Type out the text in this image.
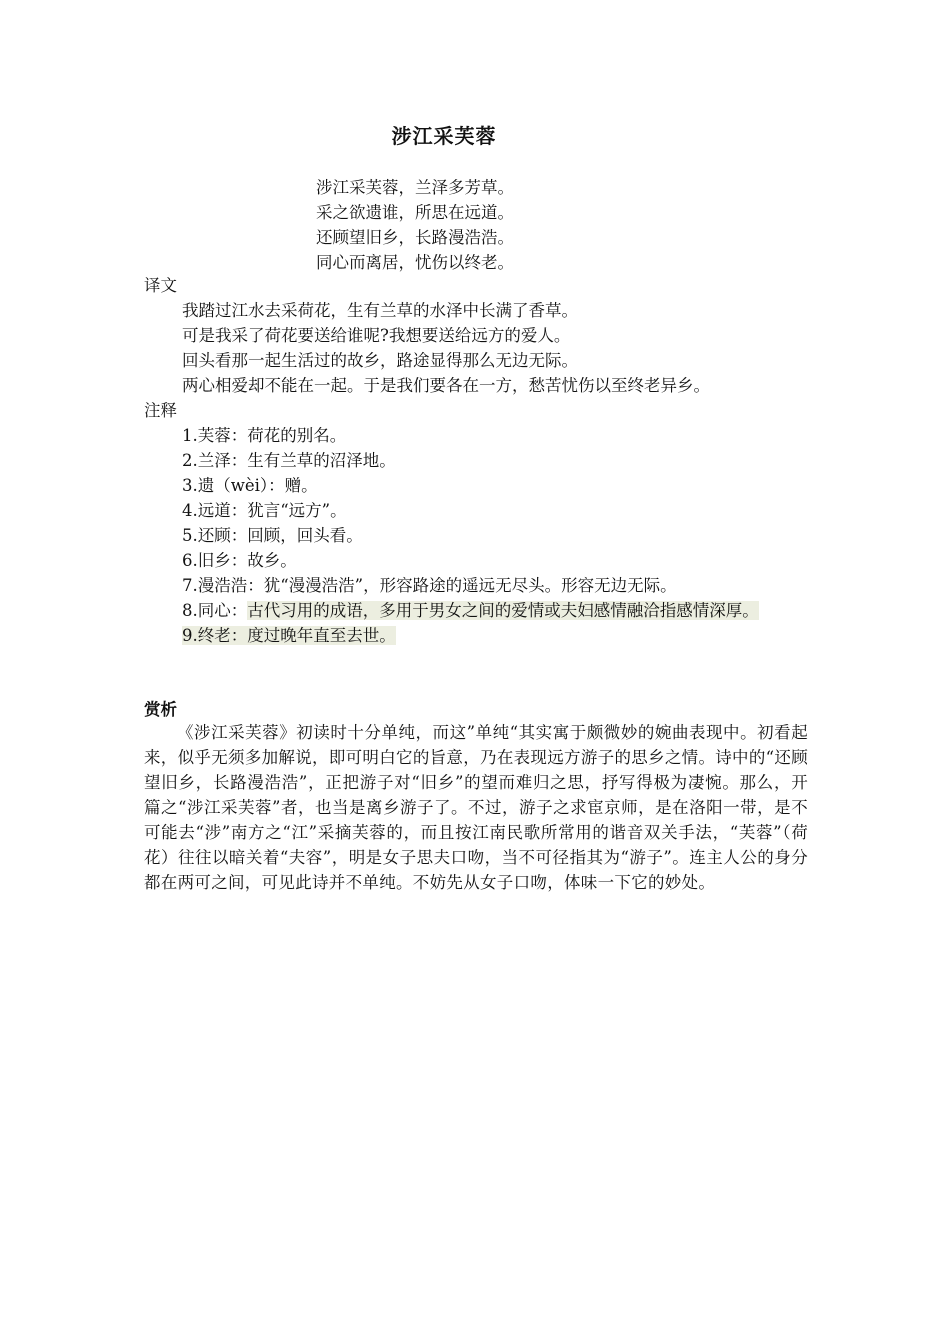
涉江采芙蓉
涉江采芙蓉，兰泽多芳草。
采之欲遗谁，所思在远道。
还顾望旧乡，长路漫浩浩。
同心而离居，忧伤以终老。
译文
我踏过江水去采荷花，生有兰草的水泽中长满了香草。
可是我采了荷花要送给谁呢?我想要送给远方的爱人。
回头看那一起生活过的故乡，路途显得那么无边无际。
两心相爱却不能在一起。于是我们要各在一方，愁苦忧伤以至终老异乡。
注释
1.芙蓉：荷花的别名。
2.兰泽：生有兰草的沼泽地。
3.遗（wèi）：赠。
4.远道：犹言“远方”。
5.还顾：回顾，回头看。
6.旧乡：故乡。
7.漫浩浩：犹“漫漫浩浩”，形容路途的遥远无尽头。形容无边无际。
8.同心：古代习用的成语，多用于男女之间的爱情或夫妇感情融洽指感情深厚。
9.终老：度过晚年直至去世。
赏析
《涉江采芙蓉》初读时十分单纯，而这”单纯“其实寓于颇微妙的婉曲表现中。初看起来，似乎无须多加解说，即可明白它的旨意，乃在表现远方游子的思乡之情。诗中的“还顾望旧乡，长路漫浩浩”，正把游子对“旧乡”的望而难归之思，抒写得极为凄惋。那么，开篇之“涉江采芙蓉”者，也当是离乡游子了。不过，游子之求宦京师，是在洛阳一带，是不可能去“涉”南方之“江”采摘芙蓉的，而且按江南民歌所常用的谐音双关手法，“芙蓉”（荷花）往往以暗关着“夫容”，明是女子思夫口吻，当不可径指其为“游子”。连主人公的身分都在两可之间，可见此诗并不单纯。不妨先从女子口吻，体味一下它的妙处。
